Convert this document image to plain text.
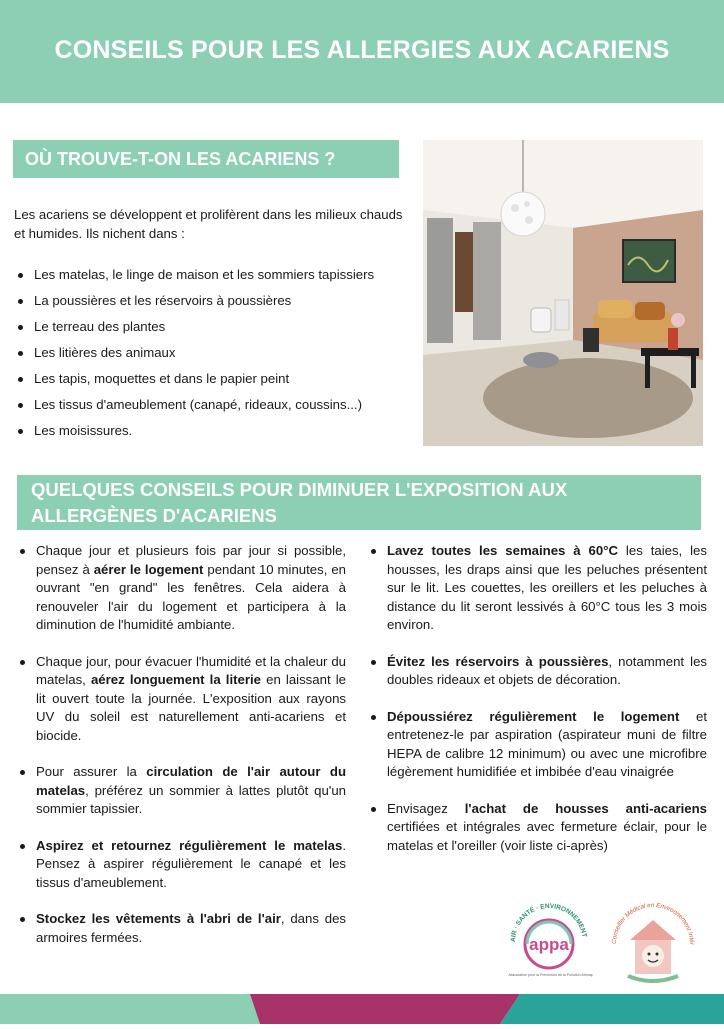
CONSEILS POUR LES ALLERGIES AUX ACARIENS
OÙ TROUVE-T-ON LES ACARIENS ?
Les acariens se développent et prolifèrent dans les milieux chauds et humides. Ils nichent dans :
Les matelas, le linge de maison et les sommiers tapissiers
La poussières et les réservoirs à poussières
Le terreau des plantes
Les litières des animaux
Les tapis, moquettes et dans le papier peint
Les tissus d'ameublement (canapé, rideaux, coussins...)
Les moisissures.
QUELQUES CONSEILS POUR DIMINUER L'EXPOSITION AUX
ALLERGÈNES D'ACARIENS
Chaque jour et plusieurs fois par jour si possible, pensez à aérer le logement pendant 10 minutes, en ouvrant "en grand" les fenêtres. Cela aidera à renouveler l'air du logement et participera à la diminution de l'humidité ambiante.
Chaque jour, pour évacuer l'humidité et la chaleur du matelas, aérez longuement la literie en laissant le lit ouvert toute la journée. L'exposition aux rayons UV du soleil est naturellement anti-acariens et biocide.
Pour assurer la circulation de l'air autour du matelas, préférez un sommier à lattes plutôt qu'un sommier tapissier.
Aspirez et retournez régulièrement le matelas. Pensez à aspirer régulièrement le canapé et les tissus d'ameublement.
Stockez les vêtements à l'abri de l'air, dans des armoires fermées.
Lavez toutes les semaines à 60°C les taies, les housses, les draps ainsi que les peluches présentent sur le lit. Les couettes, les oreillers et les peluches à distance du lit seront lessivés à 60°C tous les 3 mois environ.
Évitez les réservoirs à poussières, notamment les doubles rideaux et objets de décoration.
Dépoussiérez régulièrement le logement et entretenez-le par aspiration (aspirateur muni de filtre HEPA de calibre 12 minimum) ou avec une microfibre légèrement humidifiée et imbibée d'eau vinaigrée
Envisagez l'achat de housses anti-acariens certifiées et intégrales avec fermeture éclair, pour le matelas et l'oreiller (voir liste ci-après)
AIR · SANTÉ · ENVIRONNEMENT
appa
Association pour la Prévention de la Pollution Atmosp
Conseiller Médical en Environnement Intér
